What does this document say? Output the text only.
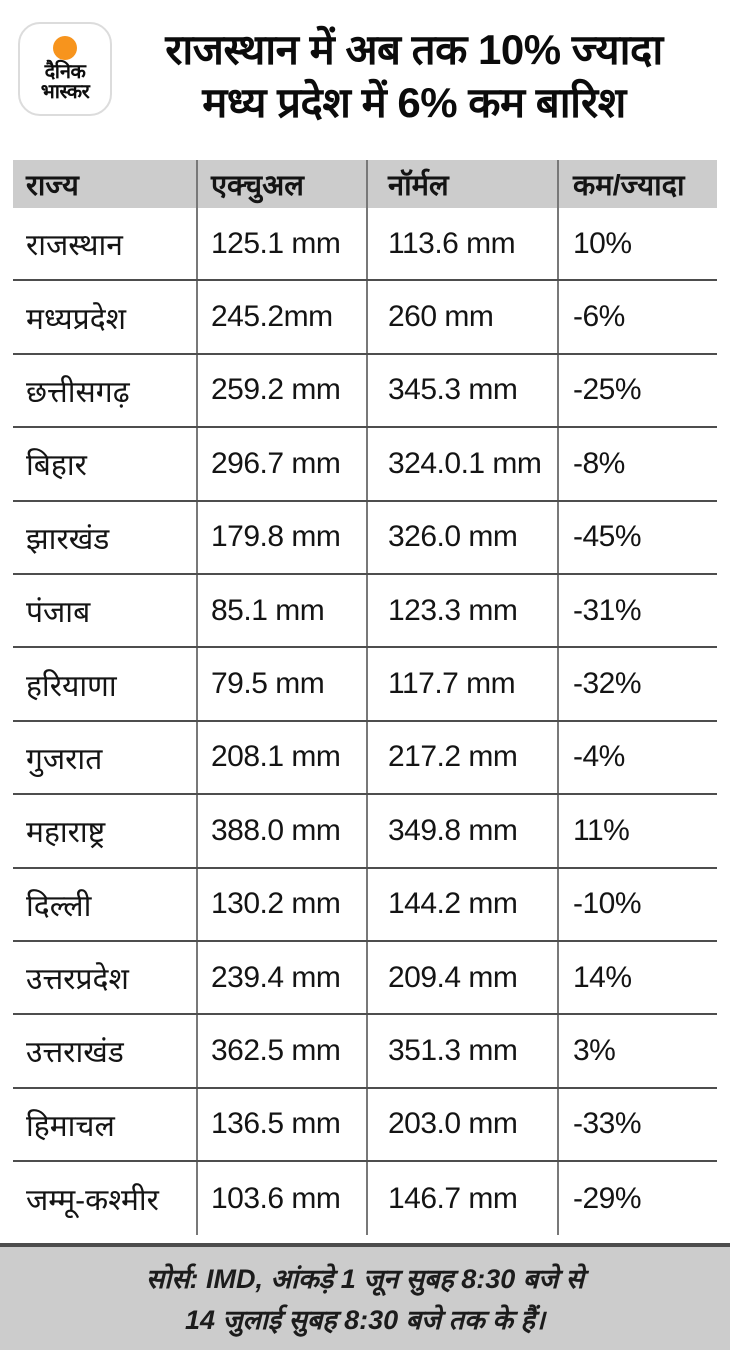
दैनिक
भास्कर
राजस्थान में अब तक 10% ज्यादा
मध्य प्रदेश में 6% कम बारिश
राज्य	एक्चुअल	नॉर्मल	कम/ज्यादा
राजस्थान	125.1 mm	113.6 mm	10%
मध्यप्रदेश	245.2mm	260 mm	-6%
छत्तीसगढ़	259.2 mm	345.3 mm	-25%
बिहार	296.7 mm	324.0.1 mm	-8%
झारखंड	179.8 mm	326.0 mm	-45%
पंजाब	85.1 mm	123.3 mm	-31%
हरियाणा	79.5 mm	117.7 mm	-32%
गुजरात	208.1 mm	217.2 mm	-4%
महाराष्ट्र	388.0 mm	349.8 mm	11%
दिल्ली	130.2 mm	144.2 mm	-10%
उत्तरप्रदेश	239.4 mm	209.4 mm	14%
उत्तराखंड	362.5 mm	351.3 mm	3%
हिमाचल	136.5 mm	203.0 mm	-33%
जम्मू-कश्मीर	103.6 mm	146.7 mm	-29%
सोर्स: IMD, आंकड़े 1 जून सुबह 8:30 बजे से
14 जुलाई सुबह 8:30 बजे तक के हैं।
